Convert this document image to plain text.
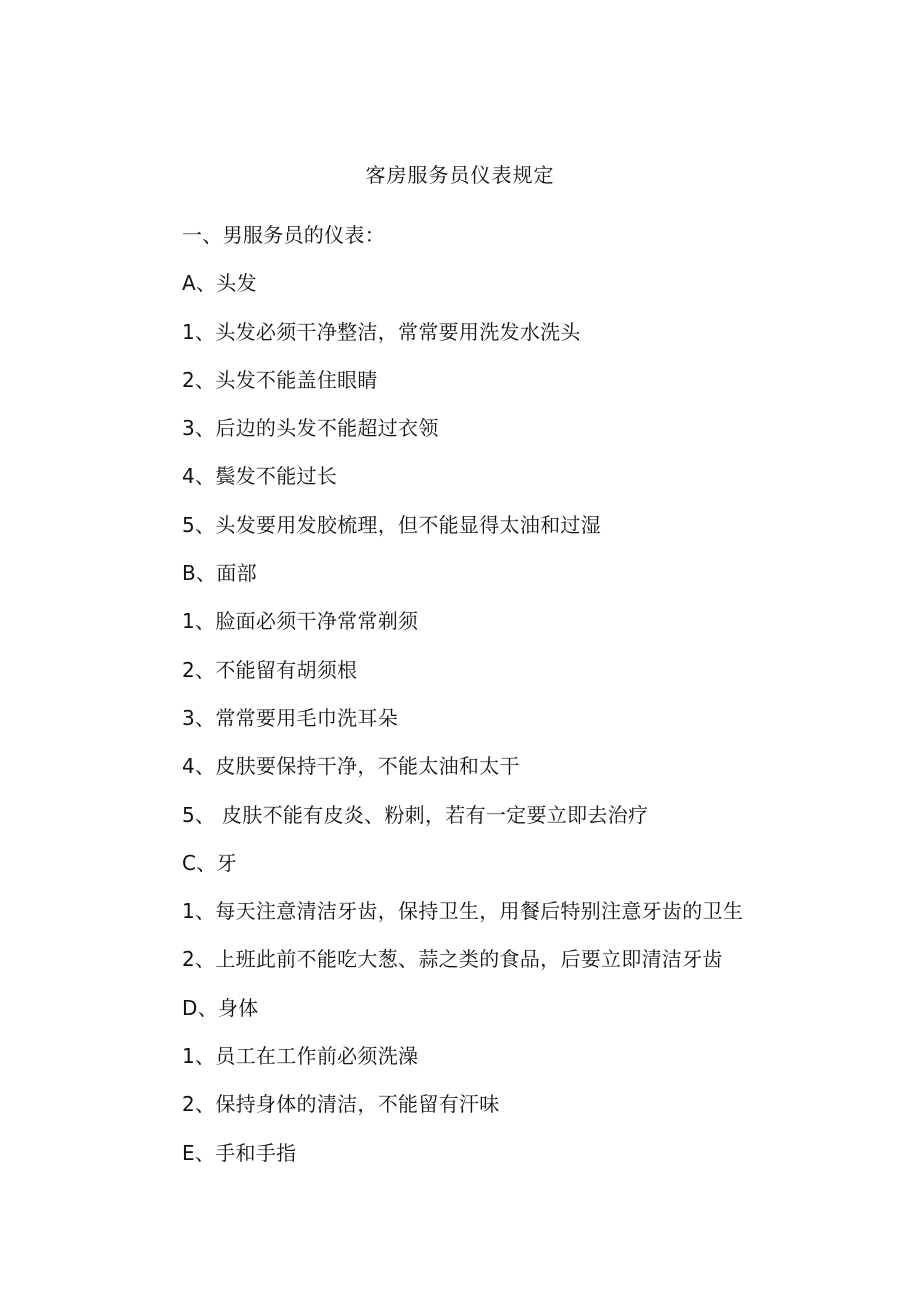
客房服务员仪表规定
一、男服务员的仪表：
A、头发
1、头发必须干净整洁，常常要用洗发水洗头
2、头发不能盖住眼睛
3、后边的头发不能超过衣领
4、鬓发不能过长
5、头发要用发胶梳理，但不能显得太油和过湿
B、面部
1、脸面必须干净常常剃须
2、不能留有胡须根
3、常常要用毛巾洗耳朵
4、皮肤要保持干净，不能太油和太干
5、 皮肤不能有皮炎、粉刺，若有一定要立即去治疗
C、牙
1、每天注意清洁牙齿，保持卫生，用餐后特别注意牙齿的卫生
2、上班此前不能吃大葱、蒜之类的食品，后要立即清洁牙齿
D、身体
1、员工在工作前必须洗澡
2、保持身体的清洁，不能留有汗味
E、手和手指
